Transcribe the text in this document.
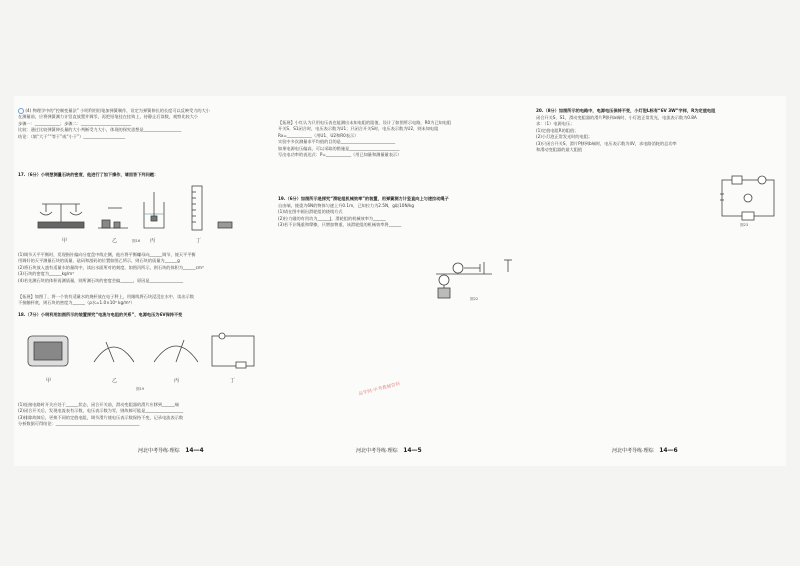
(4) 物理学中的“控制变量法” 小明利用铅笔加弹簧制作，设定为弹簧伸长的长度可以反映受力的大小
在测量前，应将弹簧测力计竖直放置并调零，再把铅笔挂在挂钩上，待静止后读数，观察比较大小
步骤一：____________；步骤二：________________________
比较：通过比较弹簧伸长量的大小判断受力大小，体现的探究思想是__________________
结论：（填“大于”“等于”或“小于”）____________________
17.（6分）小明想测量石块的密度，他进行了如下操作，请回答下列问题：
甲	乙	丙	丁
图16
(1)调节天平平衡时，发现指针偏向分度盘中线左侧，他应将平衡螺母向______调节，使天平平衡
用调好的天平测量石块的质量，砝码和游码的位置如图乙所示，则石块的质量为______g
(2)将石块放入盛有适量水的量筒中，读出水面所对的刻度，如图丙所示，则石块的体积为______cm³
(3)石块的密度为______kg/m³
(4)若先测石块的体积再测质量，则所测石块的密度会偏______，原因是________________
【拓展】如图丁，将一个装有适量水的烧杯放在电子秤上，用细线将石块浸没在水中，读出示数
不接触杯底，则石块的密度为______（ρ水=1.0×10³ kg/m³）
18.（7分）小明利用如图所示的装置探究“电流与电阻的关系”，电源电压为6V保持不变
甲	乙	丙	丁
图19
(1)连接电路时开关应处于______状态，闭合开关前，滑动变阻器的滑片应移到______端
(2)闭合开关后，发现电流表有示数，电压表示数为零，则故障可能是__________________
(3)排除故障后，更换不同的定值电阻，调节滑片使电压表示数保持不变，记录电流表示数
分析数据可得结论：________________________________________
河北中考导练·理综 14—4
【拓展】小红认为只用电压表也能测出未知电阻的阻值，设计了如图所示电路，R0为已知电阻
开关S、S1闭合时，电压表示数为U1；只闭合开关S时，电压表示数为U2，则未知电阻
Rx=____________（用U1、U2和R0表示）
实验中多次测量求平均值的目的是__________________________
如果电源电压偏高，可以采取的措施是________________________
写出电功率的表达式：P=____________（用已知量和测量量表示）
19.（6分）如图所示是探究“滑轮组机械效率”的装置，用弹簧测力计竖直向上匀速拉动绳子
自由端，使重为6N的物体匀速上升0.1m，已知拉力为2.5N，g取10N/kg
(1)请在图中画出滑轮组的绕线方式
(2)拉力做的有用功为______J，滑轮组的机械效率为______
(3)若不计绳重和摩擦，只增加物重，该滑轮组的机械效率将______
图22
河北中考导练·理综 14—5
20.（8分）如图所示的电路中，电源电压保持不变，小灯泡L标有“6V 3W”字样，R为定值电阻
闭合开关S、S1，滑动变阻器的滑片P移到a端时，小灯泡正常发光，电流表示数为0.8A
求：（1）电源电压；
(1)定值电阻R的阻值；
(2)小灯泡正常发光时的电阻；
(3)只闭合开关S，滑片P移到b端时，电压表示数为4V，求电路消耗的总功率
和滑动变阻器的最大阻值
图23
河北中考导练·理综 14—6
品学网·中考教辅资料
